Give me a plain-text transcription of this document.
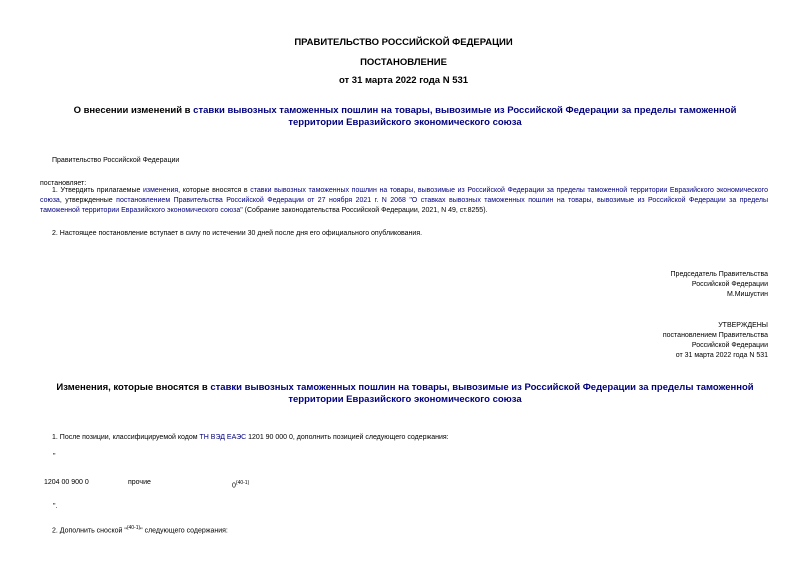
ПРАВИТЕЛЬСТВО РОССИЙСКОЙ ФЕДЕРАЦИИ
ПОСТАНОВЛЕНИЕ
от 31 марта 2022 года N 531
О внесении изменений в ставки вывозных таможенных пошлин на товары, вывозимые из Российской Федерации за пределы таможенной территории Евразийского экономического союза
Правительство Российской Федерации
постановляет:
1. Утвердить прилагаемые изменения, которые вносятся в ставки вывозных таможенных пошлин на товары, вывозимые из Российской Федерации за пределы таможенной территории Евразийского экономического союза, утвержденные постановлением Правительства Российской Федерации от 27 ноября 2021 г. N 2068 "О ставках вывозных таможенных пошлин на товары, вывозимые из Российской Федерации за пределы таможенной территории Евразийского экономического союза" (Собрание законодательства Российской Федерации, 2021, N 49, ст.8255).
2. Настоящее постановление вступает в силу по истечении 30 дней после дня его официального опубликования.
Председатель Правительства
Российской Федерации
М.Мишустин
УТВЕРЖДЕНЫ
постановлением Правительства
Российской Федерации
от 31 марта 2022 года N 531
Изменения, которые вносятся в ставки вывозных таможенных пошлин на товары, вывозимые из Российской Федерации за пределы таможенной территории Евразийского экономического союза
1. После позиции, классифицируемой кодом ТН ВЭД ЕАЭС 1201 90 000 0, дополнить позицией следующего содержания:
"
1204 00 900 0	прочие	0$^{(40-1)}$
".
2. Дополнить сноской "$^{(40-1)}$" следующего содержания:
